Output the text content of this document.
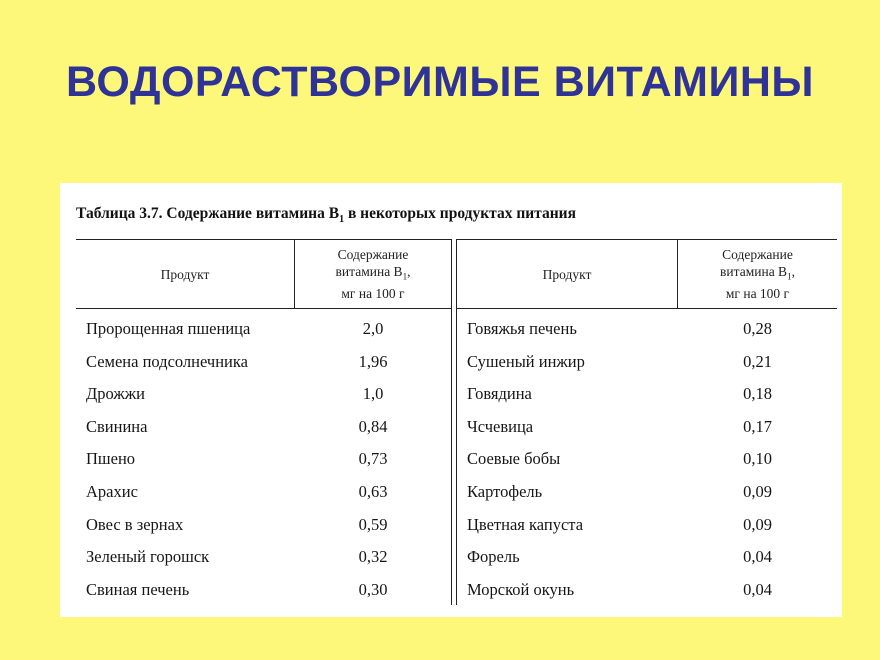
ВОДОРАСТВОРИМЫЕ ВИТАМИНЫ
Таблица 3.7. Содержание витамина $B_1$ в некоторых продуктах питания
Продукт
Содержание
витамина $B_1$,
мг на 100 г
Пророщенная пшеница	2,0
Семена подсолнечника	1,96
Дрожжи	1,0
Свинина	0,84
Пшено	0,73
Арахис	0,63
Овес в зернах	0,59
Зеленый горошск	0,32
Свиная печень	0,30
Продукт
Содержание
витамина $B_1$,
мг на 100 г
Говяжья печень	0,28
Сушеный инжир	0,21
Говядина	0,18
Чсчевица	0,17
Соевые бобы	0,10
Картофель	0,09
Цветная капуста	0,09
Форель	0,04
Морской окунь	0,04
